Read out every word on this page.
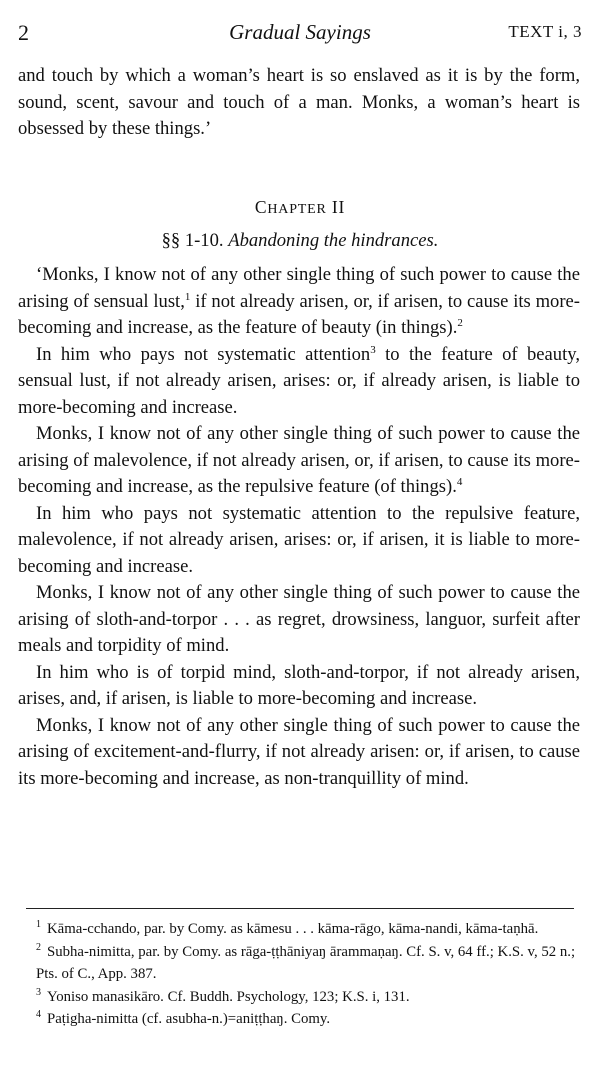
2	Gradual Sayings	TEXT i, 3
and touch by which a woman’s heart is so enslaved as it is by the form, sound, scent, savour and touch of a man. Monks, a woman’s heart is obsessed by these things.’
CHAPTER II
§§ 1-10. Abandoning the hindrances.

‘Monks, I know not of any other single thing of such power to cause the arising of sensual lust,$^1$ if not already arisen, or, if arisen, to cause its more-becoming and increase, as the feature of beauty (in things).$^2$

In him who pays not systematic attention$^3$ to the feature of beauty, sensual lust, if not already arisen, arises: or, if already arisen, is liable to more-becoming and increase.

Monks, I know not of any other single thing of such power to cause the arising of malevolence, if not already arisen, or, if arisen, to cause its more-becoming and increase, as the repulsive feature (of things).$^4$

In him who pays not systematic attention to the repulsive feature, malevolence, if not already arisen, arises: or, if arisen, it is liable to more-becoming and increase.

Monks, I know not of any other single thing of such power to cause the arising of sloth-and-torpor . . . as regret, drowsiness, languor, surfeit after meals and torpidity of mind.

In him who is of torpid mind, sloth-and-torpor, if not already arisen, arises, and, if arisen, is liable to more-becoming and increase.

Monks, I know not of any other single thing of such power to cause the arising of excitement-and-flurry, if not already arisen: or, if arisen, to cause its more-becoming and increase, as non-tranquillity of mind.

$^1$ Kāma-cchando, par. by Comy. as kāmesu . . . kāma-rāgo, kāma-nandi, kāma-taṇhā.

$^2$ Subha-nimitta, par. by Comy. as rāga-ṭṭhāniyaŋ ārammaṇaŋ. Cf. S. v, 64 ff.; K.S. v, 52 n.; Pts. of C., App. 387.

$^3$ Yoniso manasikāro. Cf. Buddh. Psychology, 123; K.S. i, 131.

$^4$ Paṭigha-nimitta (cf. asubha-n.)=aniṭṭhaŋ. Comy.
